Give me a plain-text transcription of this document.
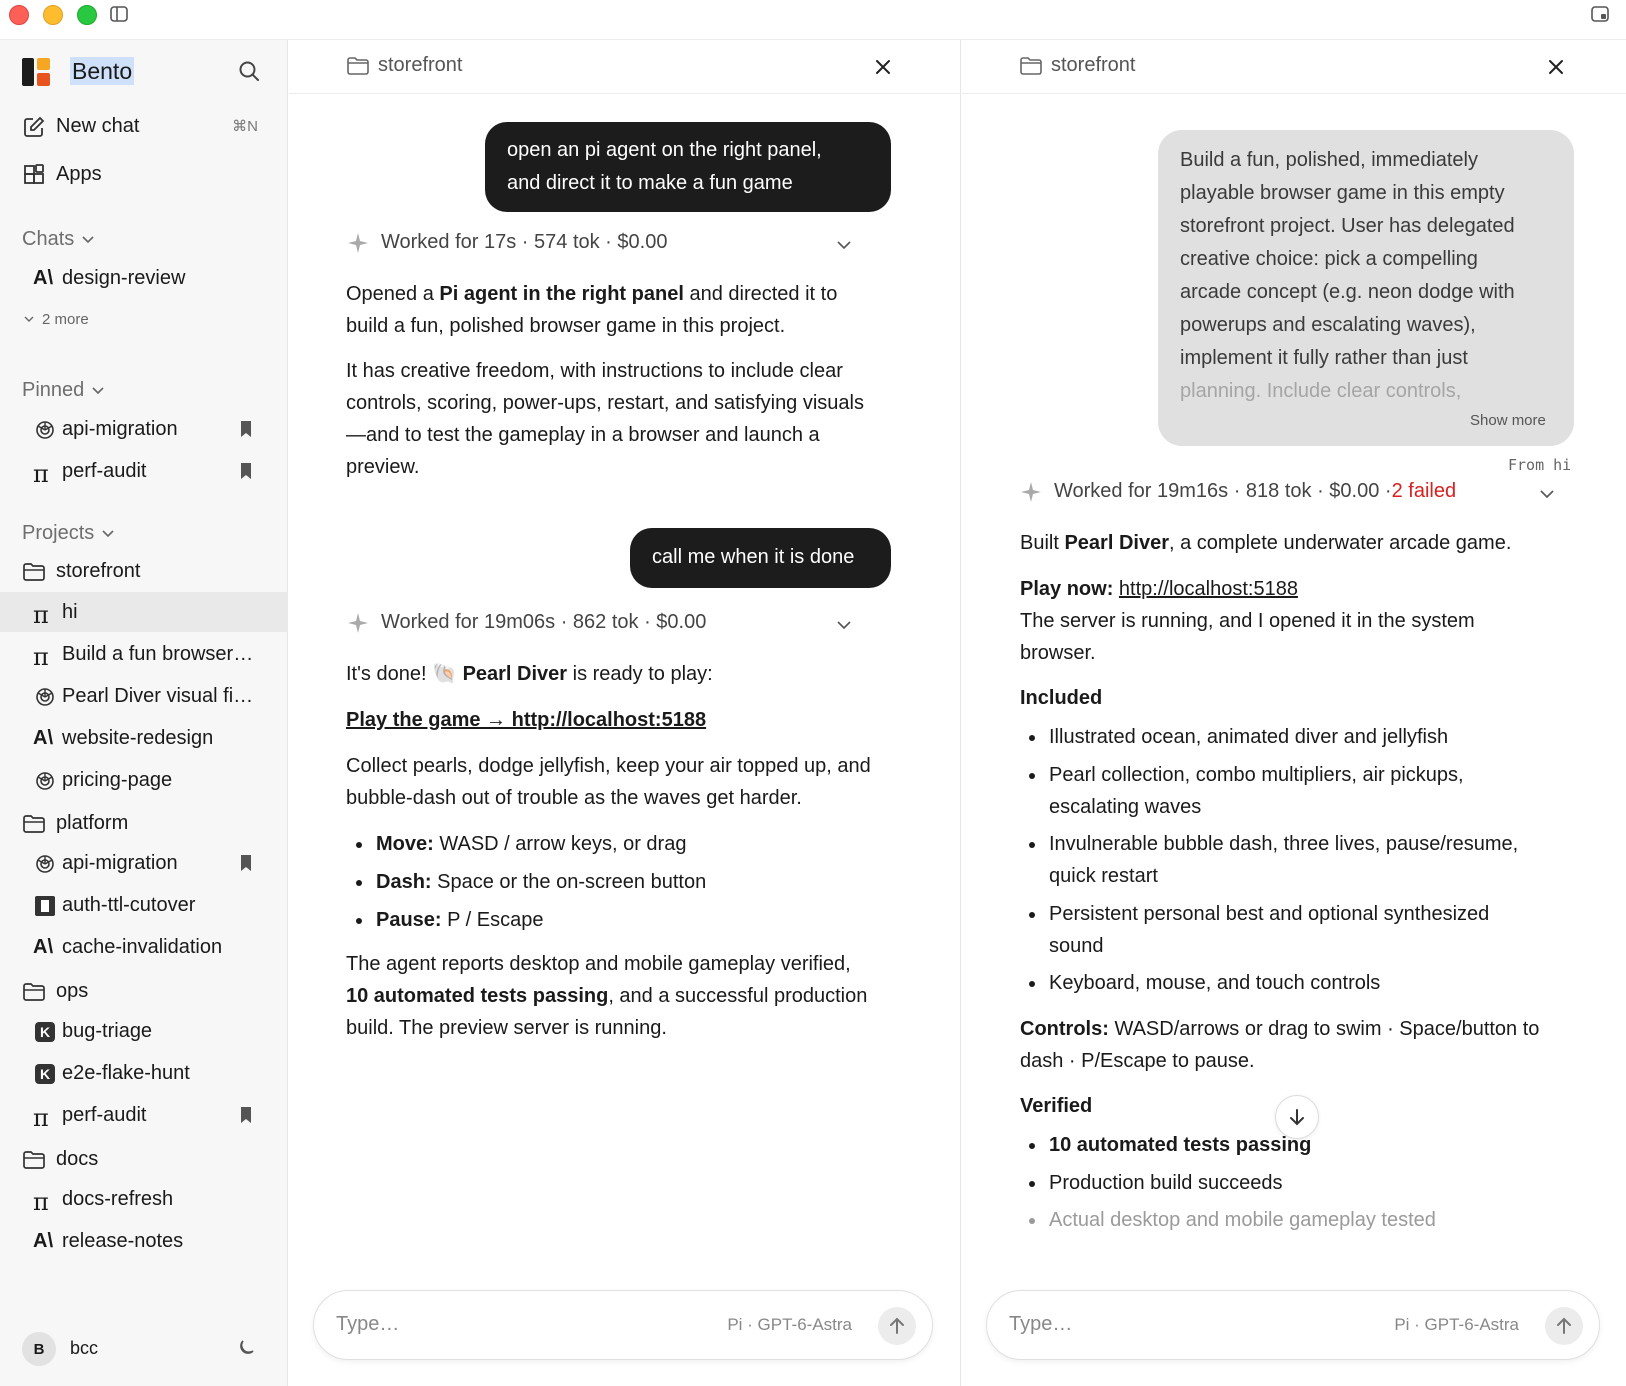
Bento
New chat	⌘N
Apps
Chats
A\ design-review
2 more
Pinned
api-migration
π perf-audit
Projects
storefront
π hi
π Build a fun browser…
Pearl Diver visual fi…
A\ website-redesign
pricing-page
platform
api-migration
auth-ttl-cutover
A\ cache-invalidation
ops
K bug-triage
K e2e-flake-hunt
π perf-audit
docs
π docs-refresh
A\ release-notes
B	bcc
storefront
open an pi agent on the right panel,
and direct it to make a fun game
Worked for 17s · 574 tok · $0.00
Opened a Pi agent in the right panel and directed it to
build a fun, polished browser game in this project.
It has creative freedom, with instructions to include clear
controls, scoring, power-ups, restart, and satisfying visuals
—and to test the gameplay in a browser and launch a
preview.
call me when it is done
Worked for 19m06s · 862 tok · $0.00
It's done! 🐚 Pearl Diver is ready to play:
Play the game → http://localhost:5188
Collect pearls, dodge jellyfish, keep your air topped up, and
bubble-dash out of trouble as the waves get harder.
Move: WASD / arrow keys, or drag
Dash: Space or the on-screen button
Pause: P / Escape
The agent reports desktop and mobile gameplay verified,
10 automated tests passing, and a successful production
build. The preview server is running.
Type…	Pi · GPT-6-Astra
storefront
Build a fun, polished, immediately
playable browser game in this empty
storefront project. User has delegated
creative choice: pick a compelling
arcade concept (e.g. neon dodge with
powerups and escalating waves),
implement it fully rather than just
planning. Include clear controls,
Show more
From hi
Worked for 19m16s · 818 tok · $0.00 · 2 failed
Built Pearl Diver, a complete underwater arcade game.
Play now: http://localhost:5188
The server is running, and I opened it in the system
browser.
Included
Illustrated ocean, animated diver and jellyfish
Pearl collection, combo multipliers, air pickups,
escalating waves
Invulnerable bubble dash, three lives, pause/resume,
quick restart
Persistent personal best and optional synthesized
sound
Keyboard, mouse, and touch controls
Controls: WASD/arrows or drag to swim · Space/button to
dash · P/Escape to pause.
Verified
10 automated tests passing
Production build succeeds
Actual desktop and mobile gameplay tested
Type…	Pi · GPT-6-Astra
